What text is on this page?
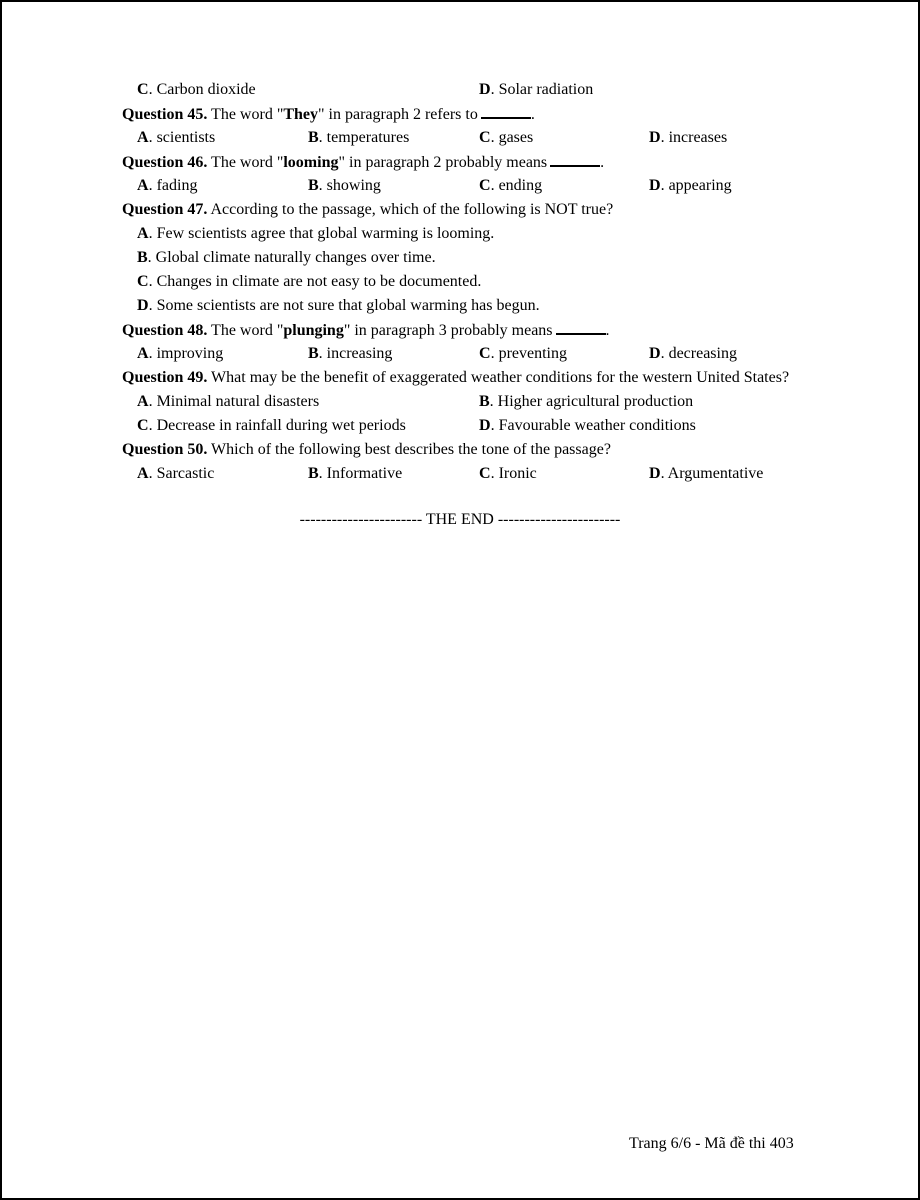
C. Carbon dioxide	D. Solar radiation
Question 45. The word "They" in paragraph 2 refers to	.
A. scientists	B. temperatures	C. gases	D. increases
Question 46. The word "looming" in paragraph 2 probably means	.
A. fading	B. showing	C. ending	D. appearing
Question 47. According to the passage, which of the following is NOT true?
A. Few scientists agree that global warming is looming.
B. Global climate naturally changes over time.
C. Changes in climate are not easy to be documented.
D. Some scientists are not sure that global warming has begun.
Question 48. The word "plunging" in paragraph 3 probably means	.
A. improving	B. increasing	C. preventing	D. decreasing
Question 49. What may be the benefit of exaggerated weather conditions for the western United States?
A. Minimal natural disasters	B. Higher agricultural production
C. Decrease in rainfall during wet periods	D. Favourable weather conditions
Question 50. Which of the following best describes the tone of the passage?
A. Sarcastic	B. Informative	C. Ironic	D. Argumentative
----------------------- THE END -----------------------
Trang 6/6 - Mã đề thi 403
